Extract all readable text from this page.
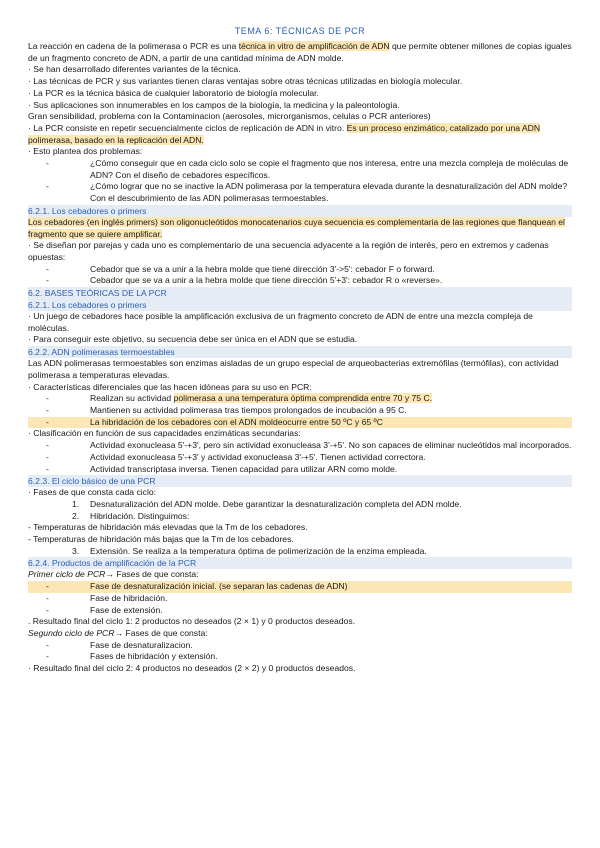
TEMA 6: TÉCNICAS DE PCR

La reacción en cadena de la polimerasa o PCR es una técnica in vitro de amplificación de ADN que permite obtener millones de copias iguales de un fragmento concreto de ADN, a partir de una cantidad mínima de ADN molde.

· Se han desarrollado diferentes variantes de la técnica.

· Las técnicas de PCR y sus variantes tienen claras ventajas sobre otras técnicas utilizadas en biología molecular.

· La PCR es la técnica básica de cualquier laboratorio de biología molecular.

· Sus aplicaciones son innumerables en los campos de la biología, la medicina y la paleontología.

Gran sensibilidad, problema con la Contaminacion (aerosoles, microrganismos, celulas o PCR anteriores)

· La PCR consiste en repetir secuencialmente ciclos de replicación de ADN in vitro. Es un proceso enzimático, catalizado por una ADN polimerasa, basado en la replicación del ADN.

· Esto plantea dos problemas:

-	¿Cómo conseguir que en cada ciclo solo se copie el fragmento que nos interesa, entre una mezcla compleja de moléculas de ADN? Con el diseño de cebadores específicos.

-	¿Cómo lograr que no se inactive la ADN polimerasa por la temperatura elevada durante la desnaturalización del ADN molde? Con el descubrimiento de las ADN polimerasas termoestables.

6.2.1. Los cebadores o primers

Los cebadores (en inglés primers) son oligonucleótidos monocatenarios cuya secuencia es complementaria de las regiones que flanquean el fragmento que se quiere amplificar.

· Se diseñan por parejas y cada uno es complementario de una secuencia adyacente a la región de interés, pero en extremos y cadenas opuestas:

-	Cebador que se va a unir a la hebra molde que tiene dirección 3'->5': cebador F o forward.

-	Cebador que se va a unir a la hebra molde que tiene dirección 5'+3': cebador R o «reverse».

6.2. BASES TEÓRICAS DE LA PCR

6.2.1. Los cebadores o primers

· Un juego de cebadores hace posible la amplificación exclusiva de un fragmento concreto de ADN de entre una mezcla compleja de moléculas.

· Para conseguir este objetivo, su secuencia debe ser única en el ADN que se estudia.

6.2.2. ADN polimerasas termoestables

Las ADN polimerasas termoestables son enzimas aisladas de un grupo especial de arqueobacterias extremófilas (termófilas), con actividad polimerasa a temperaturas elevadas.

· Características diferenciales que las hacen idóneas para su uso en PCR:

-	Realizan su actividad polimerasa a una temperatura óptima comprendida entre 70 y 75 C.

-	Mantienen su actividad polimerasa tras tiempos prolongados de incubación a 95 C.

-	La hibridación de los cebadores con el ADN moldeocurre entre 50 ºC y 65 ºC

· Clasificación en función de sus capacidades enzimáticas secundarias:

-	Actividad exonucleasa 5'-+3', pero sin actividad exonucleasa 3'-+5'. No son capaces de eliminar nucleótidos mal incorporados.

-	Actividad exonucleasa 5'-+3' y actividad exonucleasa 3'-+5'. Tienen actividad correctora.

-	Actividad transcriptasa inversa. Tienen capacidad para utilizar ARN como molde.

6.2.3. El ciclo básico de una PCR

· Fases de que consta cada ciclo:

1. Desnaturalización del ADN molde. Debe garantizar la desnaturalización completa del ADN molde.

2. Hibridación. Distinguimos:

- Temperaturas de hibridación más elevadas que la Tm de los cebadores.

- Temperaturas de hibridación más bajas que la Tm de los cebadores.

3. Extensión. Se realiza a la temperatura óptima de polimerización de la enzima empleada.

6.2.4. Productos de amplificación de la PCR

Primer ciclo de PCR→ Fases de que consta:

-	Fase de desnaturalización inicial. (se separan las cadenas de ADN)

-	Fase de hibridación.

-	Fase de extensión.

. Resultado final del ciclo 1: 2 productos no deseados (2 × 1) y 0 productos deseados.

Segundo ciclo de PCR→ Fases de que consta:

-	Fase de desnaturalizacion.

-	Fases de hibridación y extensión.

· Resultado final del ciclo 2: 4 productos no deseados (2 × 2) y 0 productos deseados.
